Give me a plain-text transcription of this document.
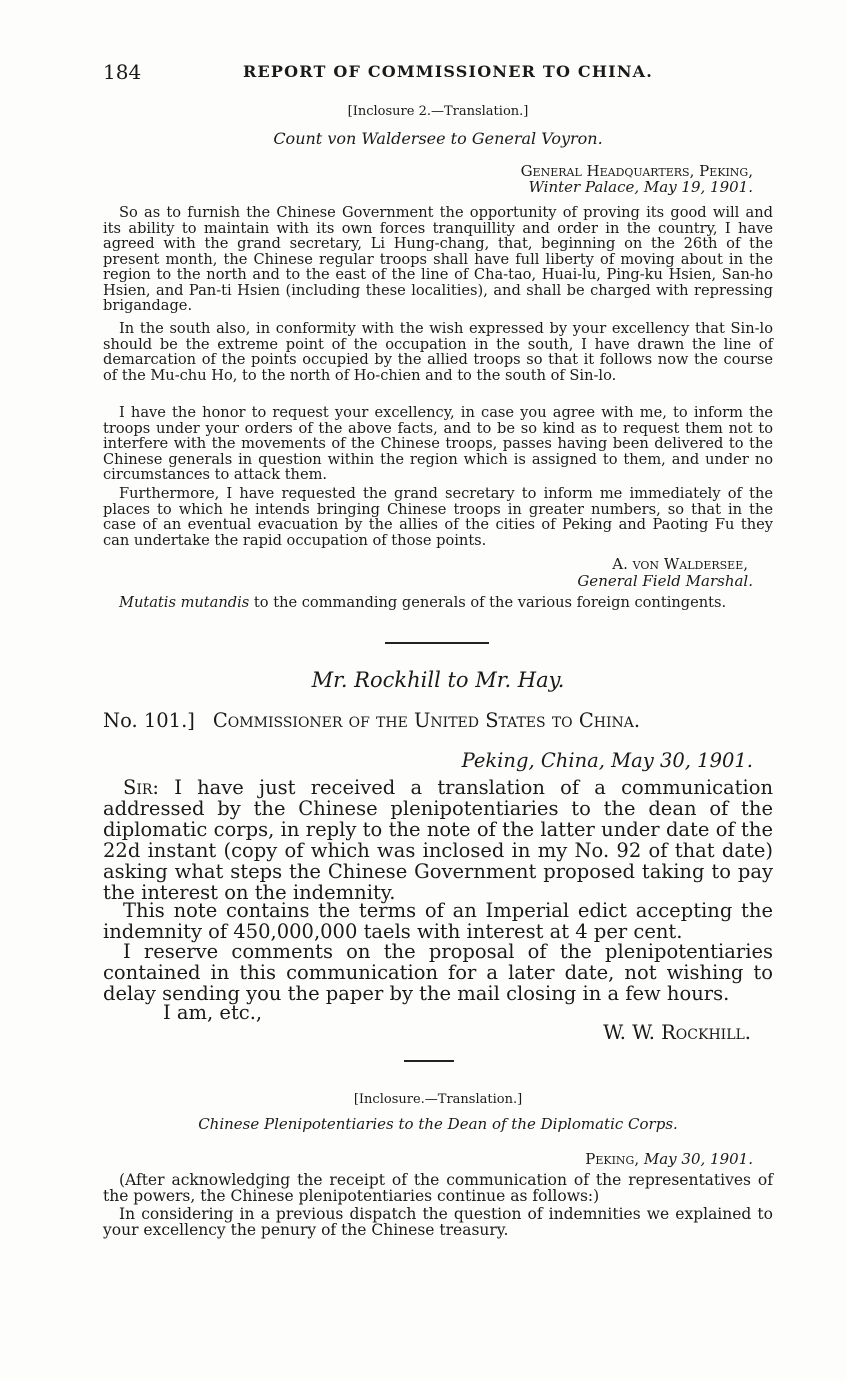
184	REPORT OF COMMISSIONER TO CHINA.
[Inclosure 2.—Translation.]
Count von Waldersee to General Voyron.
General Headquarters, Peking,
Winter Palace, May 19, 1901.
So as to furnish the Chinese Government the opportunity of proving its good will and its ability to maintain with its own forces tranquillity and order in the country, I have agreed with the grand secretary, Li Hung-chang, that, beginning on the 26th of the present month, the Chinese regular troops shall have full liberty of moving about in the region to the north and to the east of the line of Cha-tao, Huai-lu, Ping-ku Hsien, San-ho Hsien, and Pan-ti Hsien (including these localities), and shall be charged with repressing brigandage.
In the south also, in conformity with the wish expressed by your excellency that Sin-lo should be the extreme point of the occupation in the south, I have drawn the line of demarcation of the points occupied by the allied troops so that it follows now the course of the Mu-chu Ho, to the north of Ho-chien and to the south of Sin-lo.
I have the honor to request your excellency, in case you agree with me, to inform the troops under your orders of the above facts, and to be so kind as to request them not to interfere with the movements of the Chinese troops, passes having been delivered to the Chinese generals in question within the region which is assigned to them, and under no circumstances to attack them.
Furthermore, I have requested the grand secretary to inform me immediately of the places to which he intends bringing Chinese troops in greater numbers, so that in the case of an eventual evacuation by the allies of the cities of Peking and Paoting Fu they can undertake the rapid occupation of those points.
A. von Waldersee,
General Field Marshal.
Mutatis mutandis to the commanding generals of the various foreign contingents.
Mr. Rockhill to Mr. Hay.
No. 101.] Commissioner of the United States to China.
Peking, China, May 30, 1901.
Sir: I have just received a translation of a communication addressed by the Chinese plenipotentiaries to the dean of the diplomatic corps, in reply to the note of the latter under date of the 22d instant (copy of which was inclosed in my No. 92 of that date) asking what steps the Chinese Government proposed taking to pay the interest on the indemnity.
This note contains the terms of an Imperial edict accepting the indemnity of 450,000,000 taels with interest at 4 per cent.
I reserve comments on the proposal of the plenipotentiaries contained in this communication for a later date, not wishing to delay sending you the paper by the mail closing in a few hours.
I am, etc.,
W. W. Rockhill.
[Inclosure.—Translation.]
Chinese Plenipotentiaries to the Dean of the Diplomatic Corps.
Peking, May 30, 1901.
(After acknowledging the receipt of the communication of the representatives of the powers, the Chinese plenipotentiaries continue as follows:)
In considering in a previous dispatch the question of indemnities we explained to your excellency the penury of the Chinese treasury.
